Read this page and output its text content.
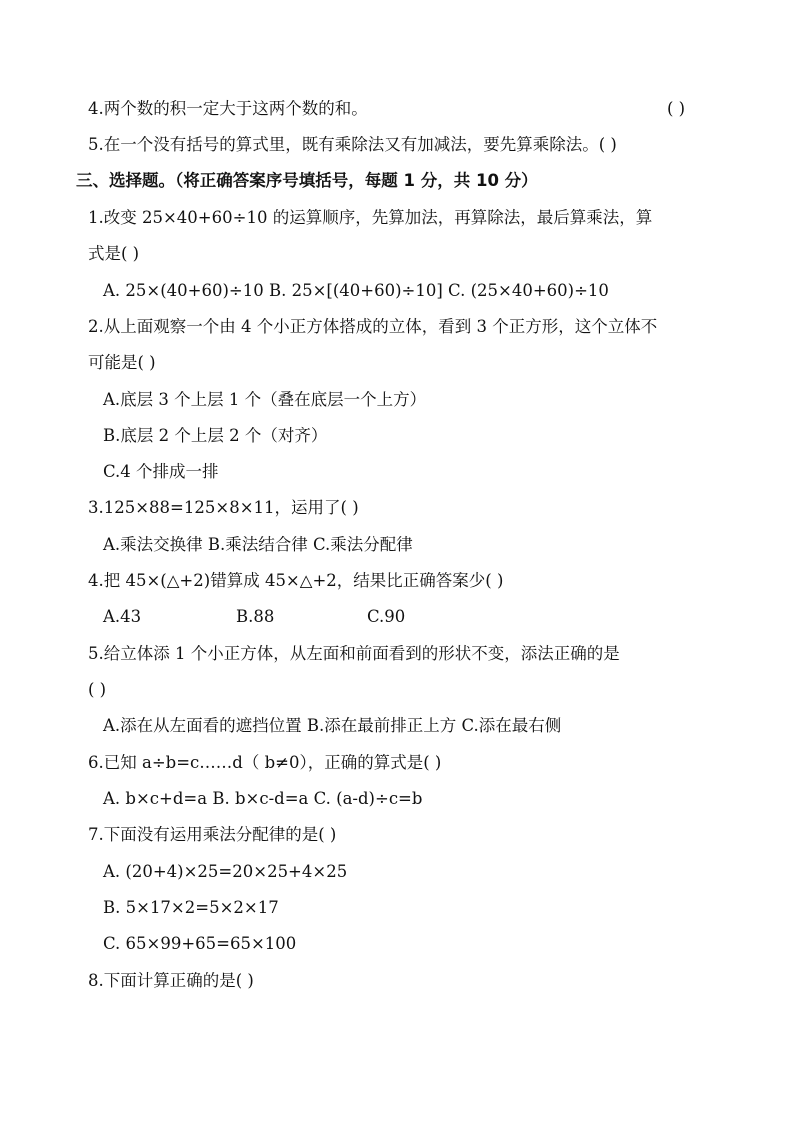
4.两个数的积一定大于这两个数的和。	( )
5.在一个没有括号的算式里，既有乘除法又有加减法，要先算乘除法。( )
三、选择题。（将正确答案序号填括号，每题 1 分，共 10 分）
1.改变 25×40+60÷10 的运算顺序，先算加法，再算除法，最后算乘法，算
式是( )
A. 25×(40+60)÷10 B. 25×[(40+60)÷10] C. (25×40+60)÷10
2.从上面观察一个由 4 个小正方体搭成的立体，看到 3 个正方形，这个立体不
可能是( )
A.底层 3 个上层 1 个（叠在底层一个上方）
B.底层 2 个上层 2 个（对齐）
C.4 个排成一排
3.125×88=125×8×11，运用了( )
A.乘法交换律 B.乘法结合律 C.乘法分配律
4.把 45×(△+2)错算成 45×△+2，结果比正确答案少( )
A.43	B.88	C.90
5.给立体添 1 个小正方体，从左面和前面看到的形状不变，添法正确的是
( )
A.添在从左面看的遮挡位置 B.添在最前排正上方 C.添在最右侧
6.已知 a÷b=c……d（ b≠0），正确的算式是( )
A. b×c+d=a B. b×c-d=a C. (a-d)÷c=b
7.下面没有运用乘法分配律的是( )
A. (20+4)×25=20×25+4×25
B. 5×17×2=5×2×17
C. 65×99+65=65×100
8.下面计算正确的是( )
